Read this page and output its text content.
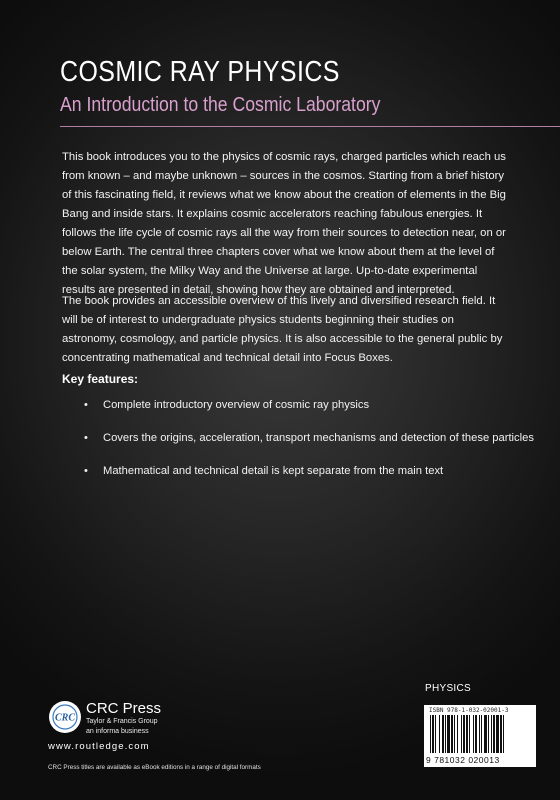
COSMIC RAY PHYSICS
An Introduction to the Cosmic Laboratory

This book introduces you to the physics of cosmic rays, charged particles which reach us from known – and maybe unknown – sources in the cosmos. Starting from a brief history of this fascinating field, it reviews what we know about the creation of elements in the Big Bang and inside stars. It explains cosmic accelerators reaching fabulous energies. It follows the life cycle of cosmic rays all the way from their sources to detection near, on or below Earth. The central three chapters cover what we know about them at the level of the solar system, the Milky Way and the Universe at large. Up-to-date experimental results are presented in detail, showing how they are obtained and interpreted.

The book provides an accessible overview of this lively and diversified research field. It will be of interest to undergraduate physics students beginning their studies on astronomy, cosmology, and particle physics. It is also accessible to the general public by concentrating mathematical and technical detail into Focus Boxes.

Key features:
• Complete introductory overview of cosmic ray physics
• Covers the origins, acceleration, transport mechanisms and detection of these particles
• Mathematical and technical detail is kept separate from the main text
PHYSICS
ISBN 978-1-032-02001-3
9 781032 020013
CRC
CRC Press
Taylor & Francis Group
an informa business
www.routledge.com
CRC Press titles are available as eBook editions in a range of digital formats
